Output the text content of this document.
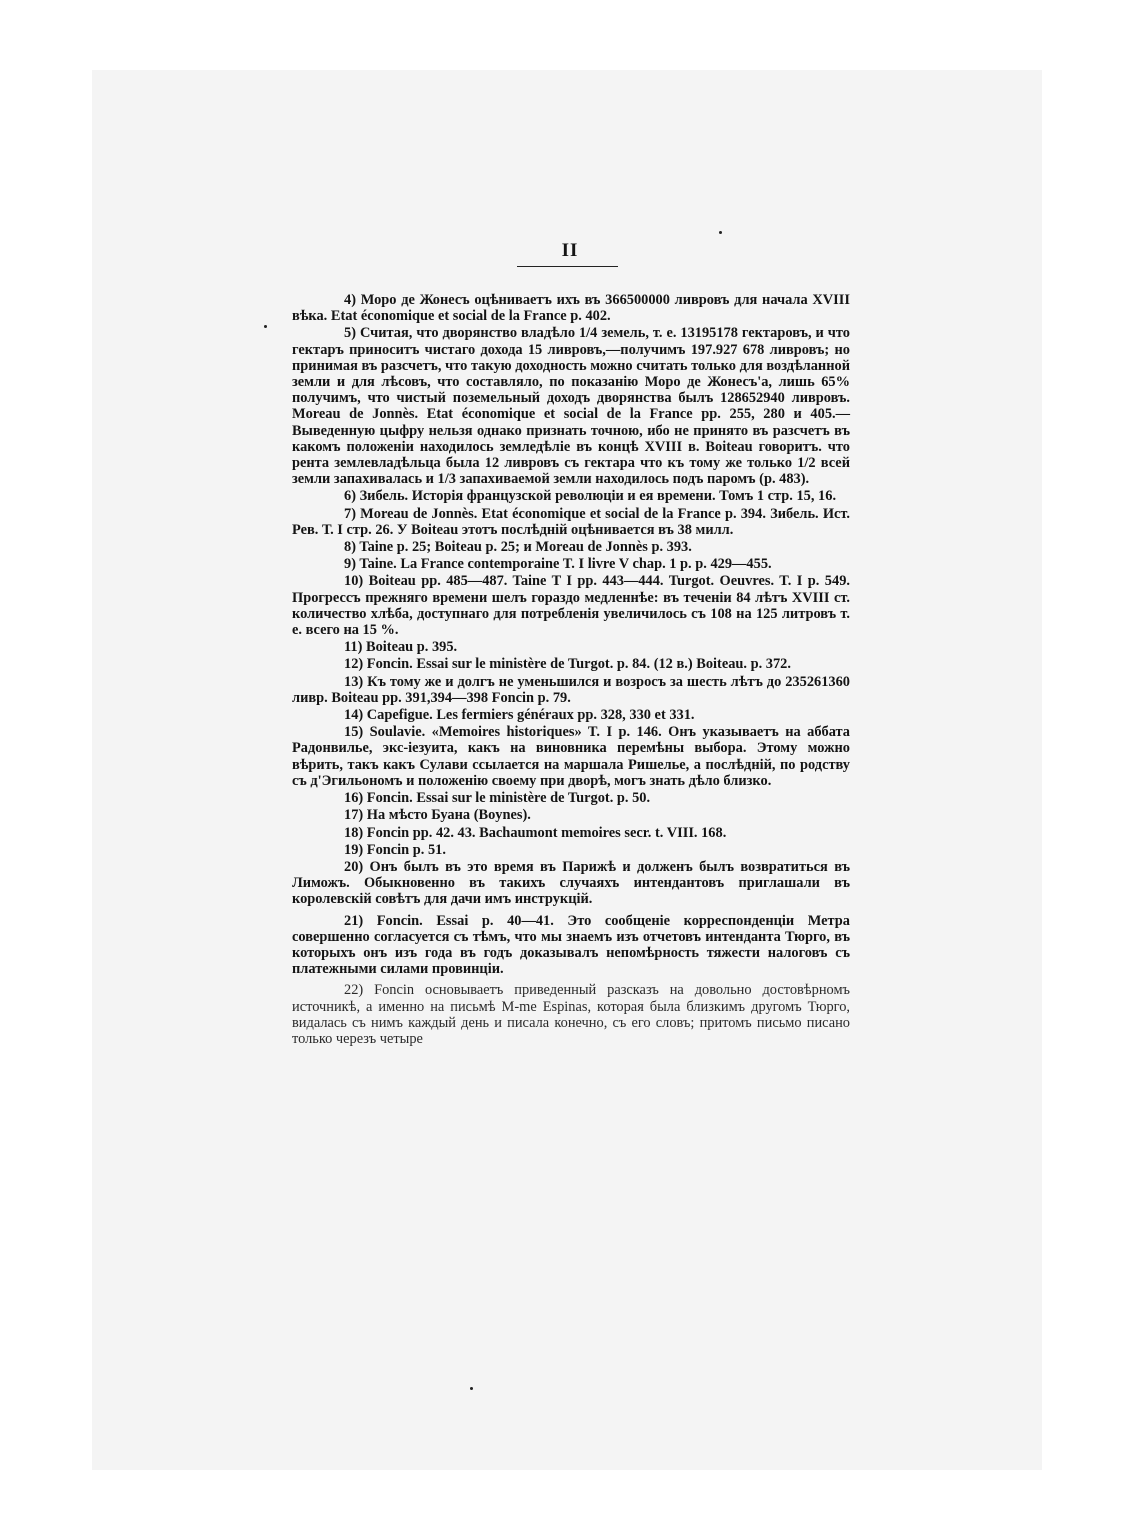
II

4) Моро де Жонесъ оцѣниваетъ ихъ въ 366500000 ливровъ для начала XVIII вѣка. Etat économique et social de la France p. 402.

5) Считая, что дворянство владѣло 1/4 земель, т. е. 13195178 гектаровъ, и что гектаръ приноситъ чистаго дохода 15 ливровъ,—получимъ 197.927 678 ливровъ; но принимая въ разсчетъ, что такую доходность можно считать только для воздѣланной земли и для лѣсовъ, что составляло, по показанію Моро де Жонесъ'а, лишь 65% получимъ, что чистый поземельный доходъ дворянства былъ 128652940 ливровъ. Moreau de Jonnès. Etat économique et social de la France pp. 255, 280 и 405.— Выведенную цыфру нельзя однако признать точною, ибо не принято въ разсчетъ въ какомъ положеніи находилось земледѣліе въ концѣ XVIII в. Boiteau говоритъ. что рента землевладѣльца была 12 ливровъ съ гектара что къ тому же только 1/2 всей земли запахивалась и 1/3 запахиваемой земли находилось подъ паромъ (p. 483).

6) Зибель. Исторія французской революціи и ея времени. Томъ 1 стр. 15, 16.

7) Moreau de Jonnès. Etat économique et social de la France p. 394. Зибель. Ист. Рев. Т. I стр. 26. У Boiteau этотъ послѣдній оцѣнивается въ 38 милл.

8) Taine p. 25; Boiteau p. 25; и Moreau de Jonnès p. 393.

9) Taine. La France contemporaine T. I livre V chap. 1 p. p. 429—455.

10) Boiteau pp. 485—487. Taine T I pp. 443—444. Turgot. Oeuvres. T. I p. 549. Прогрессъ прежняго времени шелъ гораздо медленнѣе: въ теченіи 84 лѣтъ XVIII ст. количество хлѣба, доступнаго для потребленія увеличилось съ 108 на 125 литровъ т. е. всего на 15 %.

11) Boiteau p. 395.

12) Foncin. Essai sur le ministère de Turgot. p. 84. (12 в.) Boiteau. p. 372.

13) Къ тому же и долгъ не уменьшился и возросъ за шесть лѣтъ до 235261360 ливр. Boiteau pp. 391,394—398 Foncin p. 79.

14) Capefigue. Les fermiers généraux pp. 328, 330 et 331.

15) Soulavie. «Memoires historiques» T. I p. 146. Онъ указываетъ на аббата Радонвилье, экс-іезуита, какъ на виновника перемѣны выбора. Этому можно вѣрить, такъ какъ Сулави ссылается на маршала Ришелье, а послѣдній, по родству съ д'Эгильономъ и положенію своему при дворѣ, могъ знать дѣло близко.

16) Foncin. Essai sur le ministère de Turgot. p. 50.

17) На мѣсто Буана (Boynes).

18) Foncin pp. 42. 43. Bachaumont memoires secr. t. VIII. 168.

19) Foncin p. 51.

20) Онъ былъ въ это время въ Парижѣ и долженъ былъ возвратиться въ Лиможъ. Обыкновенно въ такихъ случаяхъ интендантовъ приглашали въ королевскій совѣтъ для дачи имъ инструкцій.

21) Foncin. Essai p. 40—41. Это сообщеніе корреспонденціи Метра совершенно согласуется съ тѣмъ, что мы знаемъ изъ отчетовъ интенданта Тюрго, въ которыхъ онъ изъ года въ годъ доказывалъ непомѣрность тяжести налоговъ съ платежными силами провинціи.

22) Foncin основываетъ приведенный разсказъ на довольно достовѣрномъ источникѣ, а именно на письмѣ M-me Espinas, которая была близкимъ другомъ Тюрго, видалась съ нимъ каждый день и писала конечно, съ его словъ; притомъ письмо писано только черезъ четыре
